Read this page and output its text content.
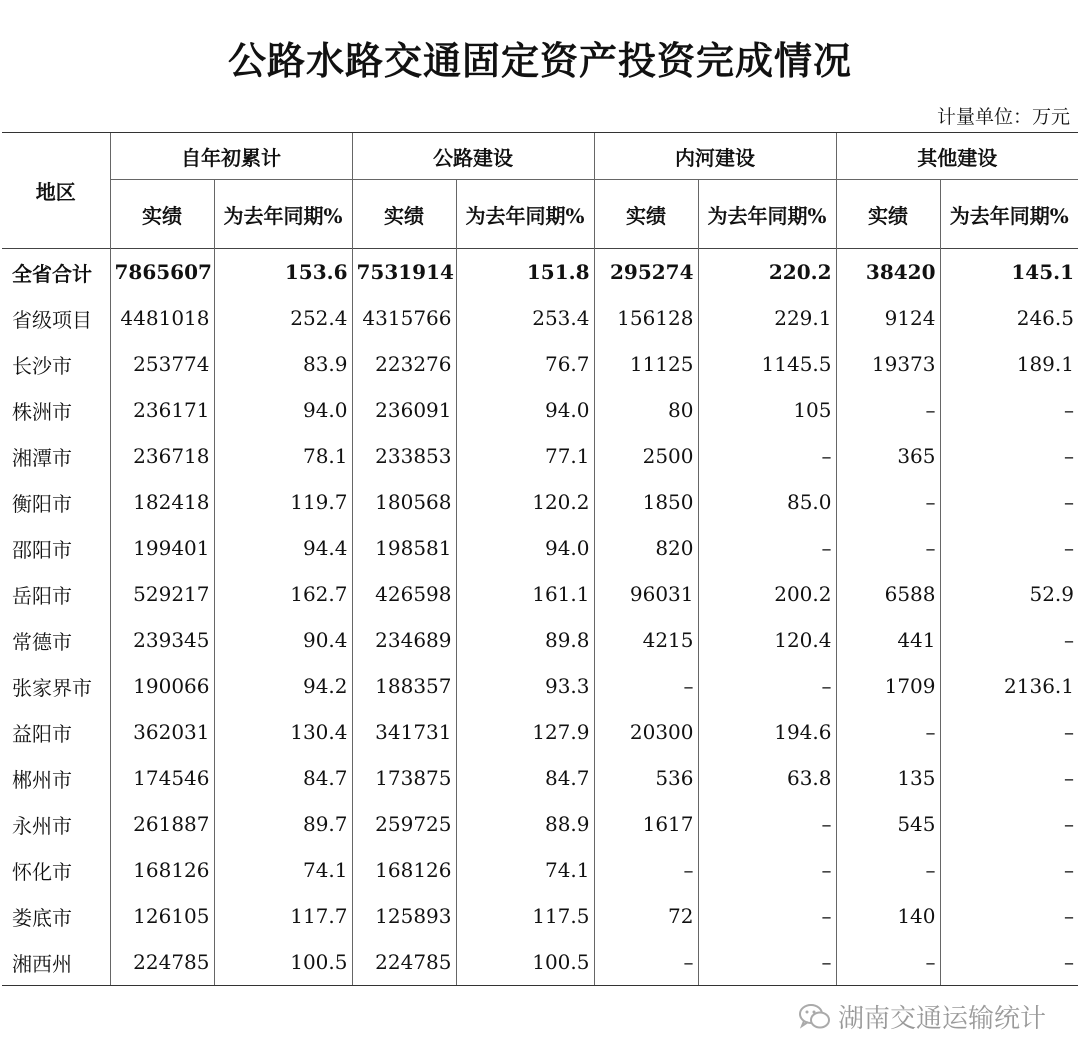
公路水路交通固定资产投资完成情况
计量单位：万元
地区	自年初累计		公路建设		内河建设		其他建设	
	实绩	为去年同期%	实绩	为去年同期%	实绩	为去年同期%	实绩	为去年同期%
全省合计	7865607	153.6	7531914	151.8	295274	220.2	38420	145.1
省级项目	4481018	252.4	4315766	253.4	156128	229.1	9124	246.5
长沙市	253774	83.9	223276	76.7	11125	1145.5	19373	189.1
株洲市	236171	94.0	236091	94.0	80	105	–	–
湘潭市	236718	78.1	233853	77.1	2500	–	365	–
衡阳市	182418	119.7	180568	120.2	1850	85.0	–	–
邵阳市	199401	94.4	198581	94.0	820	–	–	–
岳阳市	529217	162.7	426598	161.1	96031	200.2	6588	52.9
常德市	239345	90.4	234689	89.8	4215	120.4	441	–
张家界市	190066	94.2	188357	93.3	–	–	1709	2136.1
益阳市	362031	130.4	341731	127.9	20300	194.6	–	–
郴州市	174546	84.7	173875	84.7	536	63.8	135	–
永州市	261887	89.7	259725	88.9	1617	–	545	–
怀化市	168126	74.1	168126	74.1	–	–	–	–
娄底市	126105	117.7	125893	117.5	72	–	140	–
湘西州	224785	100.5	224785	100.5	–	–	–	–
湖南交通运输统计
